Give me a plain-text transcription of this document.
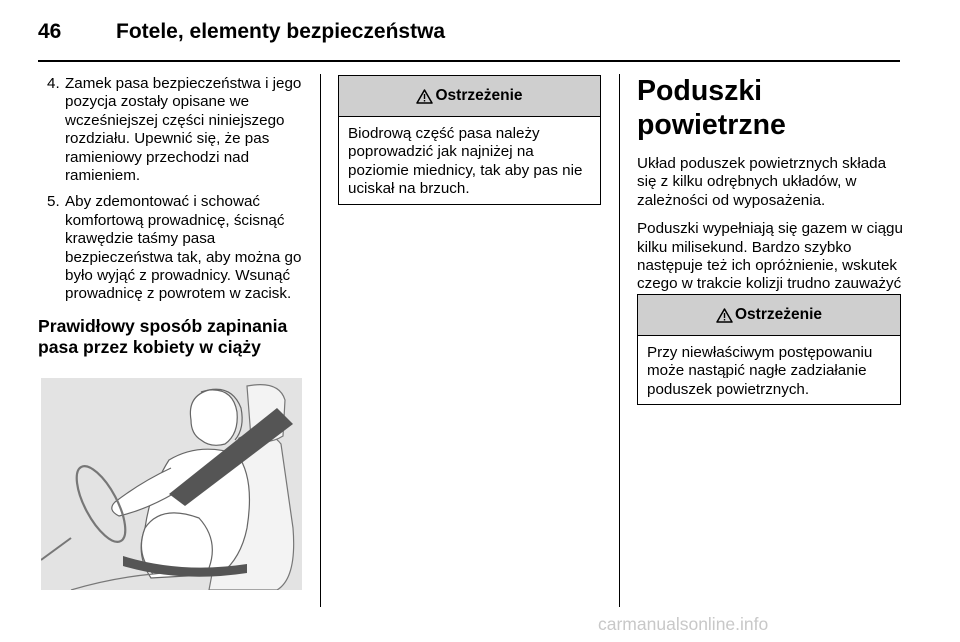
46	Fotele, elementy bezpieczeństwa
4. Zamek pasa bezpieczeństwa i jego pozycja zostały opisane we wcześniejszej części niniejszego rozdziału. Upewnić się, że pas ramieniowy przechodzi nad ramieniem.
5. Aby zdemontować i schować komfortową prowadnicę, ścisnąć krawędzie taśmy pasa bezpieczeństwa tak, aby można go było wyjąć z prowadnicy. Wsunąć prowadnicę z powrotem w zacisk.
Prawidłowy sposób zapinania pasa przez kobiety w ciąży
Ostrzeżenie
Biodrową część pasa należy poprowadzić jak najniżej na poziomie miednicy, tak aby pas nie uciskał na brzuch.
Poduszki powietrzne

Układ poduszek powietrznych składa się z kilku odrębnych układów, w zależności od wyposażenia.

Poduszki wypełniają się gazem w ciągu kilku milisekund. Bardzo szybko następuje też ich opróżnienie, wskutek czego w trakcie kolizji trudno zauważyć

Ostrzeżenie
Przy niewłaściwym postępowaniu może nastąpić nagłe zadziałanie poduszek powietrznych.
carmanualsonline.info
